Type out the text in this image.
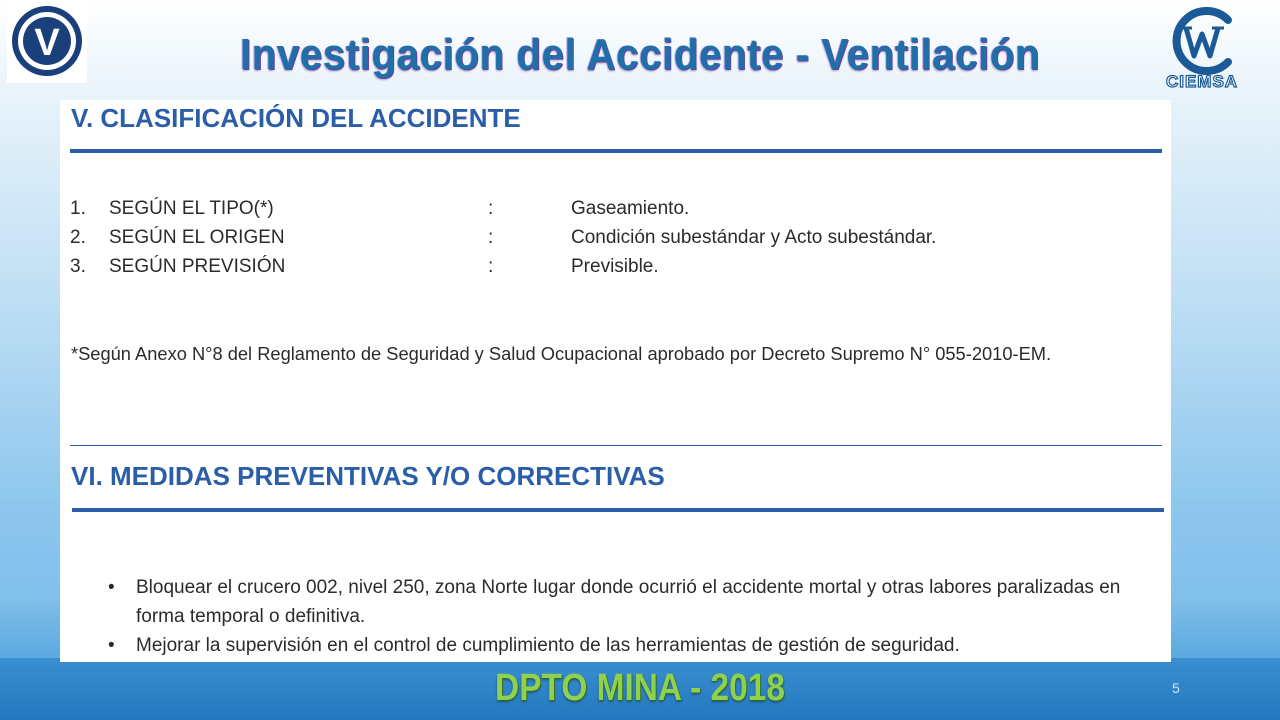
V	Investigación del Accidente - Ventilación
CIEMSA
V. CLASIFICACIÓN DEL ACCIDENTE
1. SEGÚN EL TIPO(*)	:	Gaseamiento.
2. SEGÚN EL ORIGEN	:	Condición subestándar y Acto subestándar.
3. SEGÚN PREVISIÓN	:	Previsible.
*Según Anexo N°8 del Reglamento de Seguridad y Salud Ocupacional aprobado por Decreto Supremo N° 055-2010-EM.
VI. MEDIDAS PREVENTIVAS Y/O CORRECTIVAS
• Bloquear el crucero 002, nivel 250, zona Norte lugar donde ocurrió el accidente mortal y otras labores paralizadas en forma temporal o definitiva.
• Mejorar la supervisión en el control de cumplimiento de las herramientas de gestión de seguridad.
DPTO MINA - 2018	5
